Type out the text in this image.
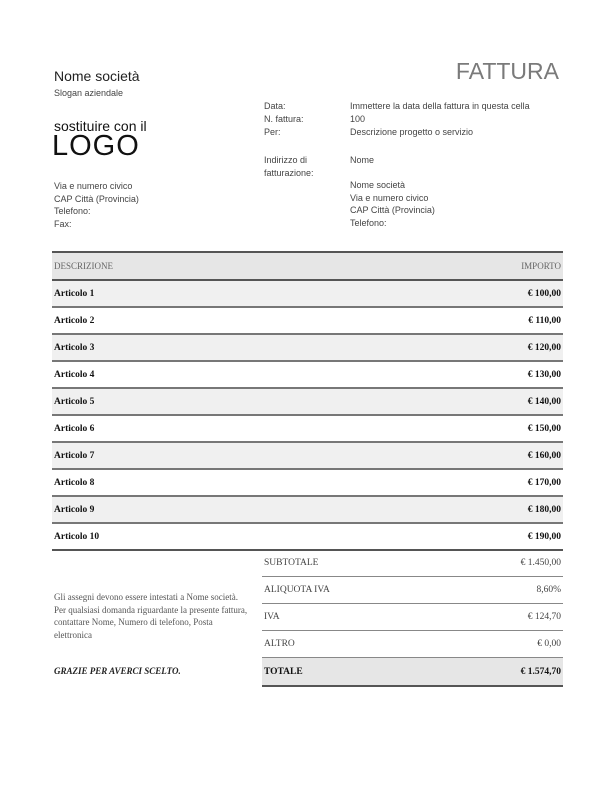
Nome società
Slogan aziendale
sostituire con il
LOGO
Via e numero civico
CAP Città (Provincia)
Telefono:
Fax:
FATTURA
Data:	Immettere la data della fattura in questa cella
N. fattura:	100
Per:	Descrizione progetto o servizio
Indirizzo di
fatturazione:
Nome
Nome società
Via e numero civico
CAP Città (Provincia)
Telefono:
DESCRIZIONE	IMPORTO
Articolo 1	€ 100,00
Articolo 2	€ 110,00
Articolo 3	€ 120,00
Articolo 4	€ 130,00
Articolo 5	€ 140,00
Articolo 6	€ 150,00
Articolo 7	€ 160,00
Articolo 8	€ 170,00
Articolo 9	€ 180,00
Articolo 10	€ 190,00
Gli assegni devono essere intestati a Nome società. Per qualsiasi domanda riguardante la presente fattura, contattare Nome, Numero di telefono, Posta elettronica
GRAZIE PER AVERCI SCELTO.
SUBTOTALE	€ 1.450,00
ALIQUOTA IVA	8,60%
IVA	€ 124,70
ALTRO	€ 0,00
TOTALE	€ 1.574,70
